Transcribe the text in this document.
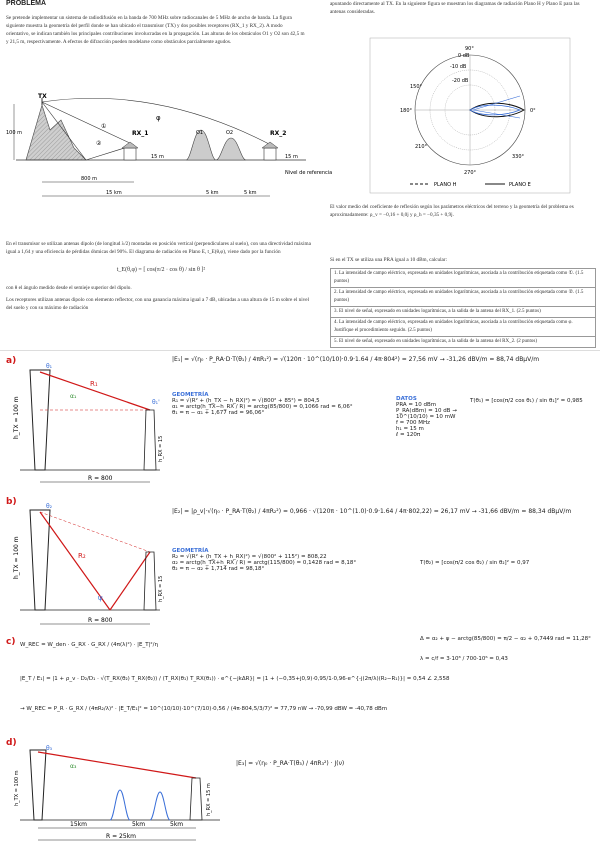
PROBLEMA

Se pretende implementar un sistema de radiodifusión en la banda de 700 MHz sobre radiocanales de 5 MHz de ancho de banda. La figura siguiente muestra la geometría del perfil donde se han ubicado el transmisor (TX) y dos posibles receptores (RX_1 y RX_2). A modo orientativo, se indican también los principales contribuciones involucradas en la propagación. Las alturas de los obstáculos O1 y O2 son 42,5 m y 21,5 m, respectivamente. A efectos de difracción pueden modelarse como obstáculos parcialmente agudos.

TX
①
②
φ
RX_1
15 m
O1	O2	RX_2
15 m
Nivel de referencia
100 m
800 m
15 km	5 km	5 km

En el transmisor se utilizan antenas dipolo (de longitud λ/2) montadas en posición vertical (perpendiculares al suelo), con una directividad máxima igual a 1,64 y una eficiencia de pérdidas óhmicas del 90%. El diagrama de radiación en Plano E, t_E(θ,φ), viene dado por la función

t_E(θ,φ) = [ cos(π/2 · cos θ) / sin θ ]²

con θ el ángulo medido desde el semieje superior del dipolo.

Los receptores utilizan antenas dipolo con elemento reflector, con una ganancia máxima igual a 7 dB, ubicadas a una altura de 15 m sobre el nivel del suelo y con su máximo de radiación

apuntando directamente al TX. En la siguiente figura se muestran los diagramas de radiación Plano H y Plano E para las antenas consideradas.

0 dB
-10 dB
-20 dB
90°
150°
180°	0°
210°
330°
270°
PLANO H	PLANO E

El valor medio del coeficiente de reflexión según los parámetros eléctricos del terreno y la geometría del problema es aproximadamente: ρ_v = −0,16 + 0,0j y ρ_h = −0,35 + 0,9j.

Si en el TX se utiliza una PRA igual a 10 dBm, calcular:

1. La intensidad de campo eléctrico, expresada en unidades logarítmicas, asociada a la contribución etiquetada como ①. (1.5 puntos)
2. La intensidad de campo eléctrico, expresada en unidades logarítmicas, asociada a la contribución etiquetada como ②. (1.5 puntos)
3. El nivel de señal, expresado en unidades logarítmicas, a la salida de la antena del RX_1. (2.5 puntos)
4. La intensidad de campo eléctrico, expresada en unidades logarítmicas, asociada a la contribución etiquetada como φ. Justifique el procedimiento seguido. (2.5 puntos)
5. El nivel de señal, expresado en unidades logarítmicas, a la salida de la antena del RX_2. (2 puntos)
a)
R = 800
h_TX = 100 m
R₁
θ₁
θ₁'
α₁
h_RX = 15
|E₁| = √(η₀ · P_RA·D·T(θ₁) / 4πR₁²) = √(120π · 10^(10/10)·0.9·1.64 / 4π·804²) = 27,56 mV → -31,26 dBV/m = 88,74 dBμV/m
GEOMETRÍA
R₁ = √(R² + (h_TX − h_RX)²) = √(800² + 85²) = 804,5
α₁ = arctg(h_TX−h_RX / R) = arctg(85/800) = 0,1066 rad = 6,06°
θ₁ = π − α₁ + 1,677 rad = 96,06°
DATOS
PRA = 10 dBm
P_RA(dBm) = 10 dB → 10^(10/10) = 10 mW
f = 700 MHz
h₁ = 15 m
ℓ = 120π
T(θ₁) = [cos(π/2 cos θ₁) / sin θ₁]² = 0,985
b)
R = 800
h_TX = 100 m	R₂
ψ
θ₂
h_RX = 15
|E₂| = |ρ_v|·√(η₀ · P_RA·T(θ₂) / 4πR₂²) = 0,966 · √(120π · 10^(1.0)·0.9·1.64 / 4π·802,22) = 26,17 mV → -31,66 dBV/m = 88,34 dBμV/m
GEOMETRÍA
R₂ = √(R² + (h_TX + h_RX)²) = √(800² + 115²) = 808,22
α₂ = arctg(h_TX+h_RX / R) = arctg(115/800) = 0,1428 rad = 8,18°
θ₂ = π − α₂ + 1,714 rad = 98,18°
T(θ₂) = [cos(π/2 cos θ₂) / sin θ₂]² = 0,97
c) W_REC = W_den · G_RX · G_RX / (4π(λ)²) · |E_T|²/η
Δ = α₂ + ψ − arctg(85/800) = π/2 − α₂ + 0,7449 rad = 11,28°
λ = c/f = 3·10⁸ / 700·10⁶ = 0,43
|E_T / E₁| = |1 + ρ_v · D₂/D₁ · √(T_RX(θ₂) T_RX(θ₂)) / (T_RX(θ₁) T_RX(θ₁)) · e^{−jkΔR}| = |1 + (−0,35+j0,9)·0,95/1·0,96·e^{-j(2π/λ)(R₂−R₁)}| = 0,54 ∠ 2,558
→ W_REC = P_R · G_RX / (4πR₂/λ)² · |E_T/E₁|² = 10^(10/10)·10^(7/10)·0,56 / (4π·804,5/3/7)² = 77,79 nW → -70,99 dBW = -40,78 dBm
d)
15km	5km	5km
R = 25km
h_TX = 100 m	h_RX = 15 m
θ₃
α₃	|E₃| = √(η₀ · P_RA·T(θ₃) / 4πR₃²) · J(ν)
